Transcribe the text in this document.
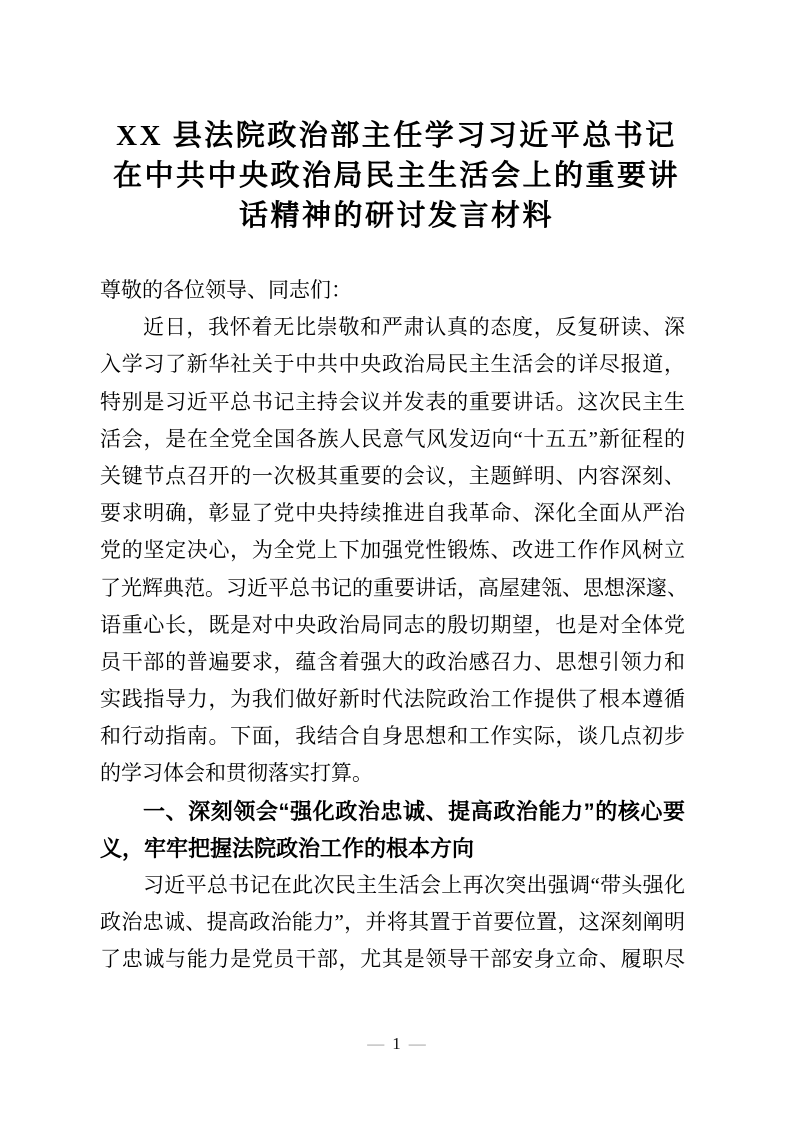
XX 县法院政治部主任学习习近平总书记
在中共中央政治局民主生活会上的重要讲
话精神的研讨发言材料
尊敬的各位领导、同志们：
近日，我怀着无比崇敬和严肃认真的态度，反复研读、深
入学习了新华社关于中共中央政治局民主生活会的详尽报道，
特别是习近平总书记主持会议并发表的重要讲话。这次民主生
活会，是在全党全国各族人民意气风发迈向“十五五”新征程的
关键节点召开的一次极其重要的会议，主题鲜明、内容深刻、
要求明确，彰显了党中央持续推进自我革命、深化全面从严治
党的坚定决心，为全党上下加强党性锻炼、改进工作作风树立
了光辉典范。习近平总书记的重要讲话，高屋建瓴、思想深邃、
语重心长，既是对中央政治局同志的殷切期望，也是对全体党
员干部的普遍要求，蕴含着强大的政治感召力、思想引领力和
实践指导力，为我们做好新时代法院政治工作提供了根本遵循
和行动指南。下面，我结合自身思想和工作实际，谈几点初步
的学习体会和贯彻落实打算。
一、深刻领会“强化政治忠诚、提高政治能力”的核心要
义，牢牢把握法院政治工作的根本方向
习近平总书记在此次民主生活会上再次突出强调“带头强化
政治忠诚、提高政治能力”，并将其置于首要位置，这深刻阐明
了忠诚与能力是党员干部，尤其是领导干部安身立命、履职尽
— 1 —
